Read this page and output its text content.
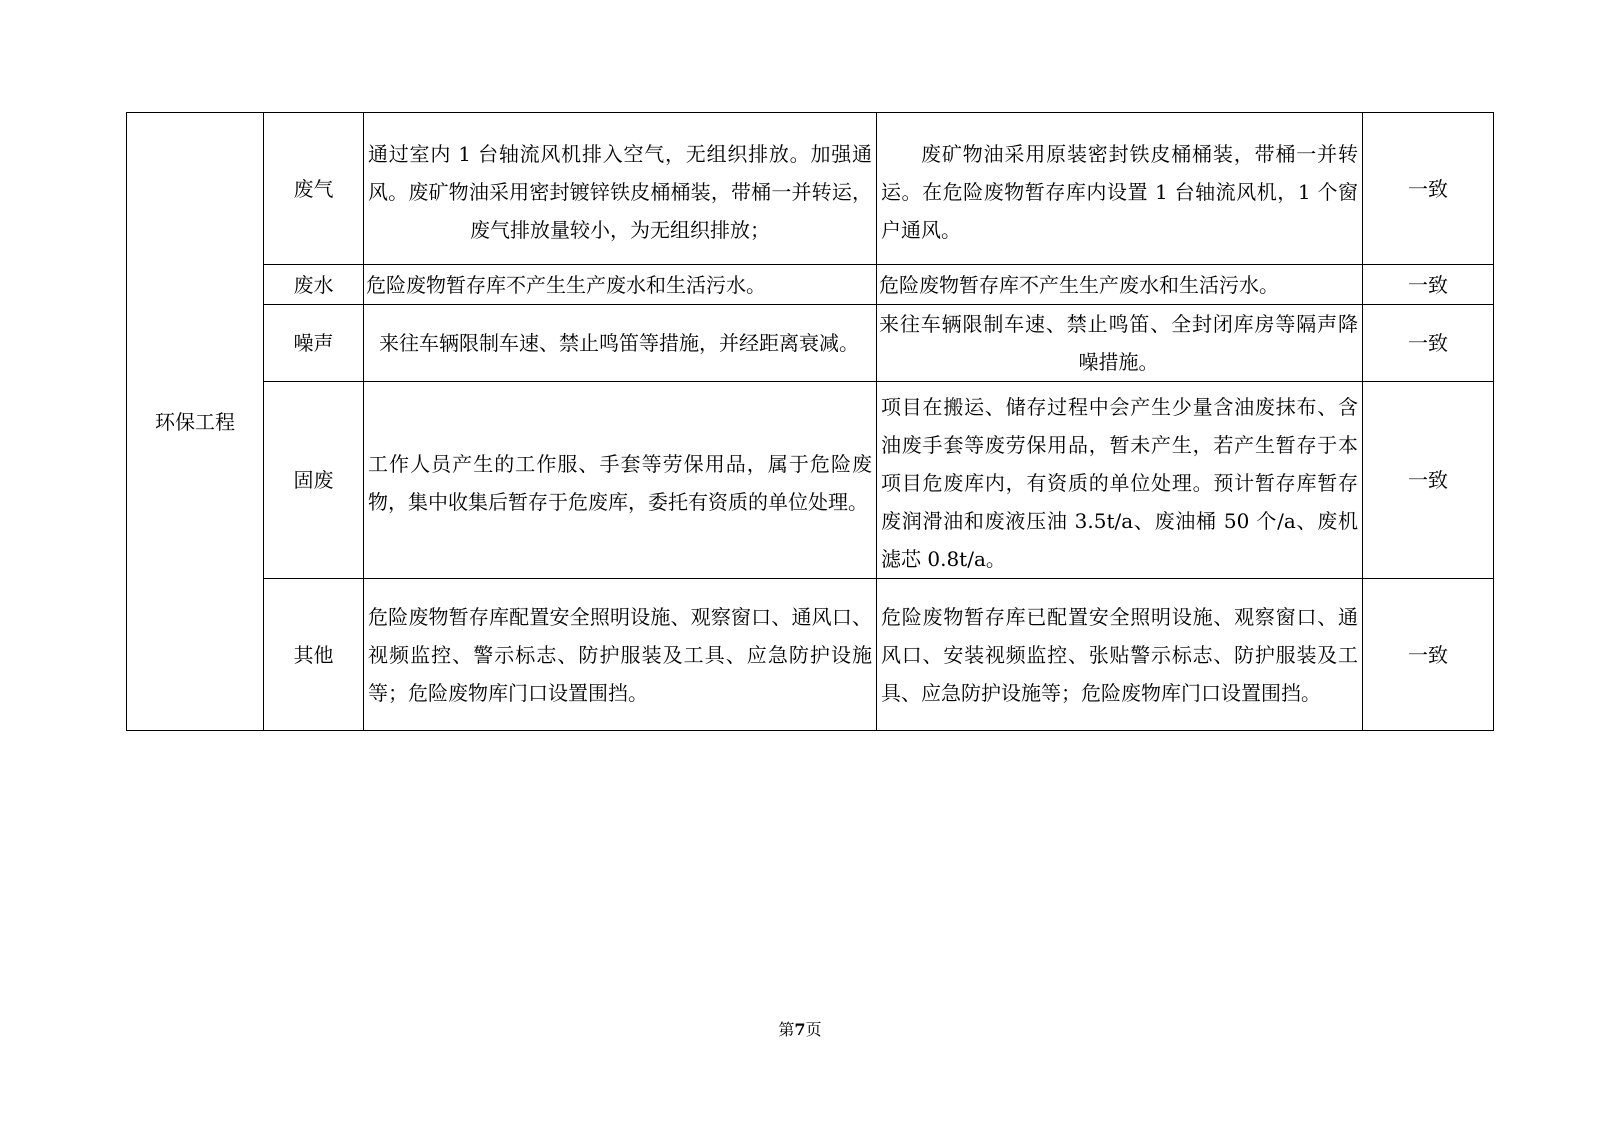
环保工程	废气	通过室内 1 台轴流风机排入空气，无组织排放。加强通风。废矿物油采用密封镀锌铁皮桶桶装，带桶一并转运，废气排放量较小，为无组织排放；	废矿物油采用原装密封铁皮桶桶装，带桶一并转运。在危险废物暂存库内设置 1 台轴流风机，1 个窗户通风。	一致
	废水	危险废物暂存库不产生生产废水和生活污水。	危险废物暂存库不产生生产废水和生活污水。	一致
	噪声	来往车辆限制车速、禁止鸣笛等措施，并经距离衰减。	来往车辆限制车速、禁止鸣笛、全封闭库房等隔声降噪措施。	一致
	固废	工作人员产生的工作服、手套等劳保用品，属于危险废物，集中收集后暂存于危废库，委托有资质的单位处理。	项目在搬运、储存过程中会产生少量含油废抹布、含油废手套等废劳保用品，暂未产生，若产生暂存于本项目危废库内，有资质的单位处理。预计暂存库暂存废润滑油和废液压油 3.5t/a、废油桶 50 个/a、废机滤芯 0.8t/a。	一致
	其他	危险废物暂存库配置安全照明设施、观察窗口、通风口、视频监控、警示标志、防护服装及工具、应急防护设施等；危险废物库门口设置围挡。	危险废物暂存库已配置安全照明设施、观察窗口、通风口、安装视频监控、张贴警示标志、防护服装及工具、应急防护设施等；危险废物库门口设置围挡。	一致
第7页
